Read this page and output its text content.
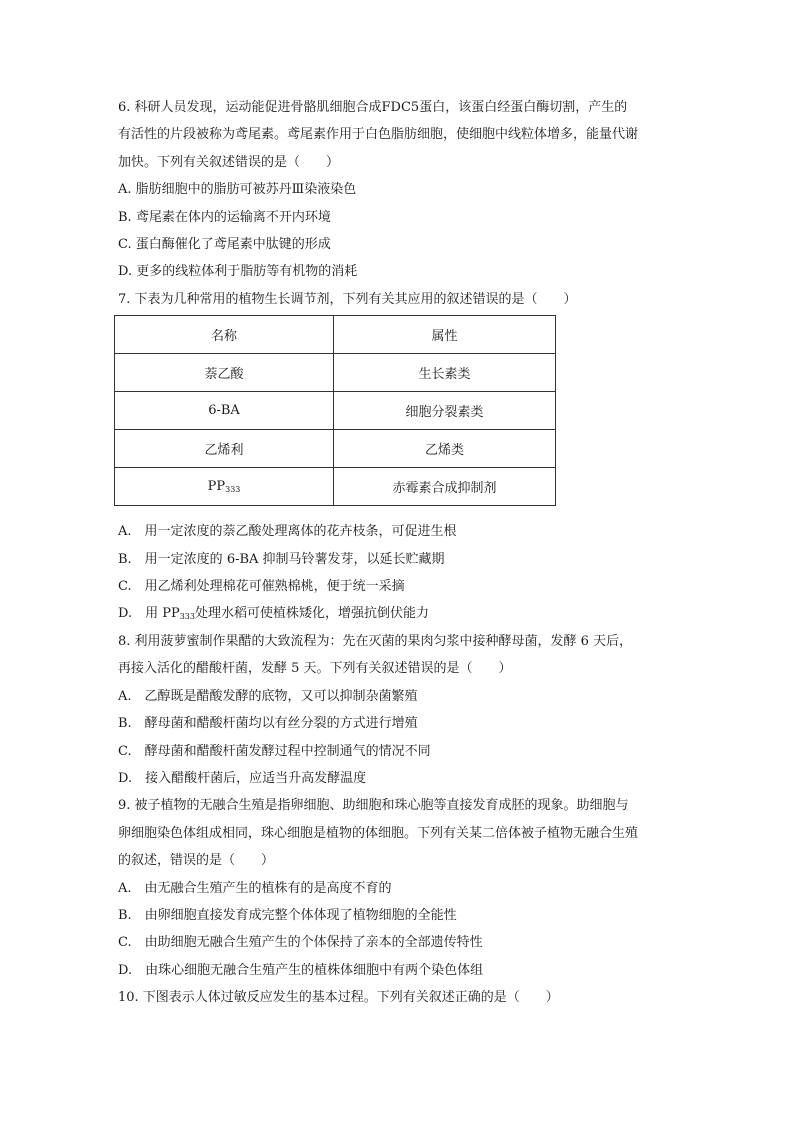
6. 科研人员发现，运动能促进骨骼肌细胞合成FDC5蛋白，该蛋白经蛋白酶切割，产生的

有活性的片段被称为鸢尾素。鸢尾素作用于白色脂肪细胞，使细胞中线粒体增多，能量代谢

加快。下列有关叙述错误的是（　　）

A. 脂肪细胞中的脂肪可被苏丹Ⅲ染液染色

B. 鸢尾素在体内的运输离不开内环境

C. 蛋白酶催化了鸢尾素中肽键的形成

D. 更多的线粒体利于脂肪等有机物的消耗

7. 下表为几种常用的植物生长调节剂，下列有关其应用的叙述错误的是（　　）

名称	属性
萘乙酸	生长素类
6-BA	细胞分裂素类
乙烯利	乙烯类
$PP_{333}$	赤霉素合成抑制剂

A.　用一定浓度的萘乙酸处理离体的花卉枝条，可促进生根

B.　用一定浓度的 6-BA 抑制马铃薯发芽，以延长贮藏期

C.　用乙烯利处理棉花可催熟棉桃，便于统一采摘

D.　用 $PP_{333}$处理水稻可使植株矮化，增强抗倒伏能力

8. 利用菠萝蜜制作果醋的大致流程为：先在灭菌的果肉匀浆中接种酵母菌，发酵 6 天后，

再接入活化的醋酸杆菌，发酵 5 天。下列有关叙述错误的是（　　）

A.　乙醇既是醋酸发酵的底物，又可以抑制杂菌繁殖

B.　酵母菌和醋酸杆菌均以有丝分裂的方式进行增殖

C.　酵母菌和醋酸杆菌发酵过程中控制通气的情况不同

D.　接入醋酸杆菌后，应适当升高发酵温度

9. 被子植物的无融合生殖是指卵细胞、助细胞和珠心胞等直接发育成胚的现象。助细胞与

卵细胞染色体组成相同，珠心细胞是植物的体细胞。下列有关某二倍体被子植物无融合生殖

的叙述，错误的是（　　）

A.　由无融合生殖产生的植株有的是高度不育的

B.　由卵细胞直接发育成完整个体体现了植物细胞的全能性

C.　由助细胞无融合生殖产生的个体保持了亲本的全部遗传特性

D.　由珠心细胞无融合生殖产生的植株体细胞中有两个染色体组

10. 下图表示人体过敏反应发生的基本过程。下列有关叙述正确的是（　　）
